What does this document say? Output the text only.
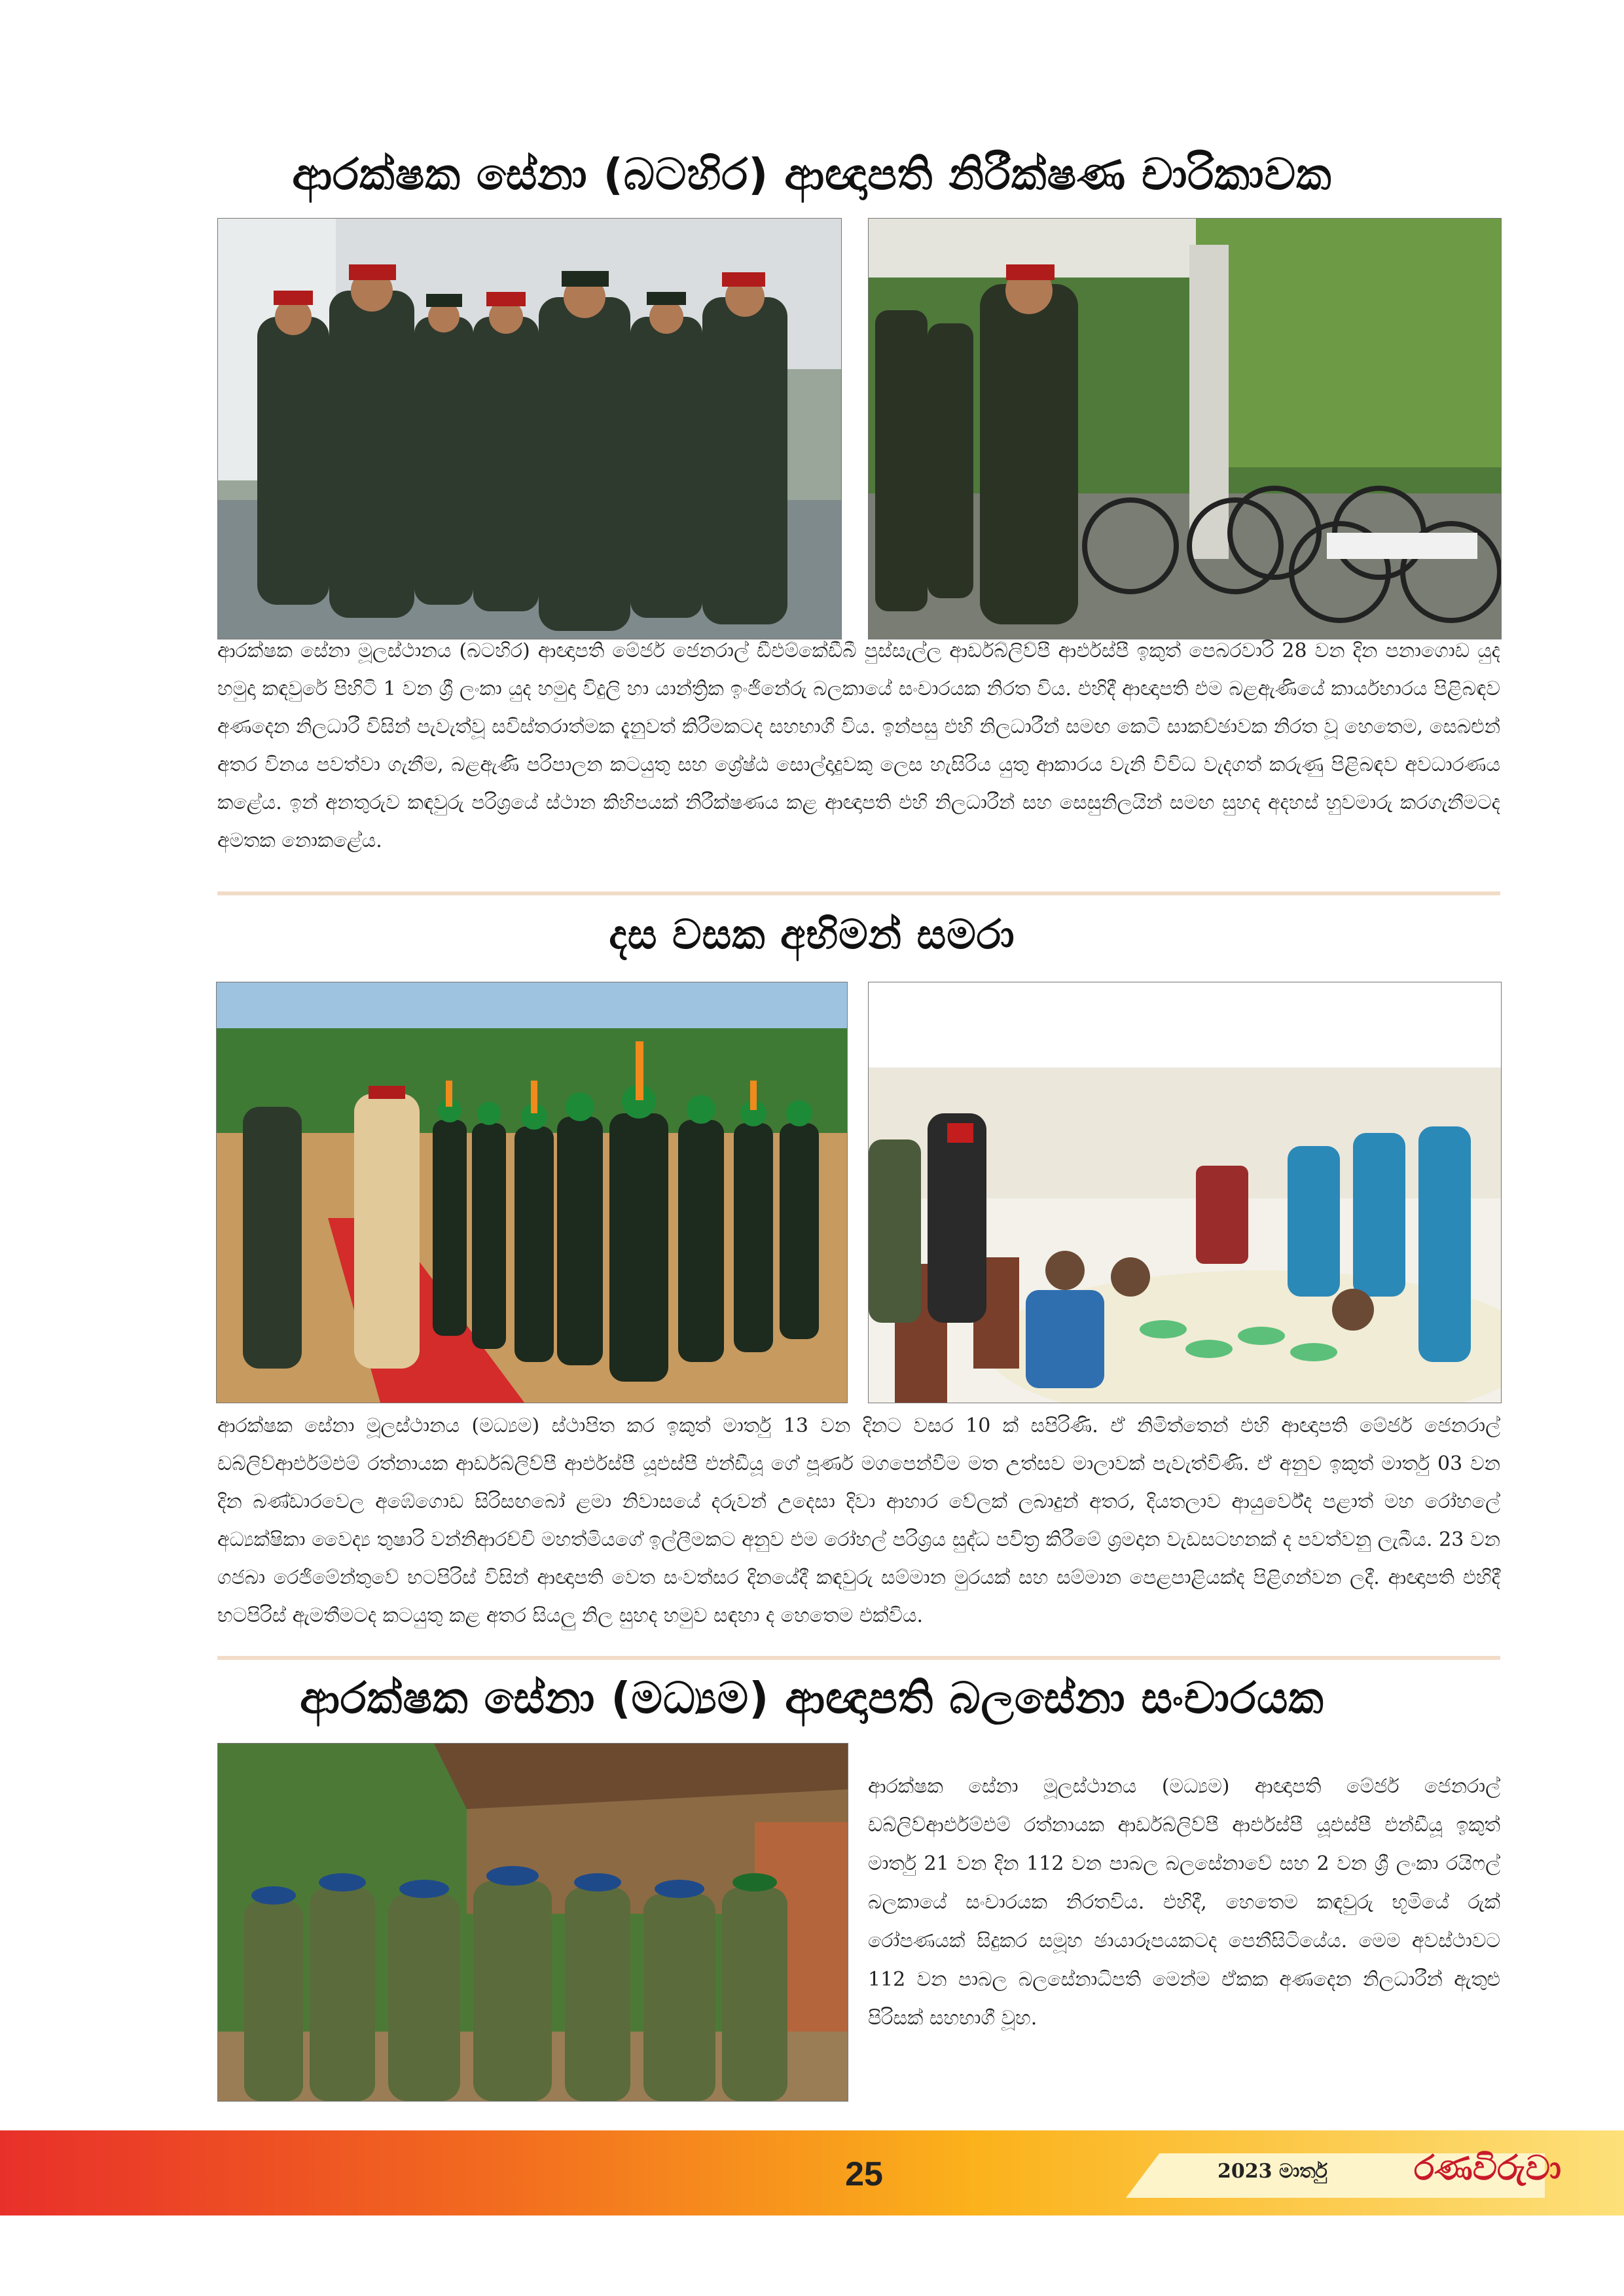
ආරක්ෂක සේනා (බටහිර) ආඥාපති නිරීක්ෂණ චාරිකාවක
ආරක්ෂක සේනා මූලස්ථානය (බටහිර) ආඥාපති මේජර් ජෙනරාල් ඩීඑම්කේඩීබී පුස්සැල්ල ආර්ඩබ්ලිව්පී ආර්එස්පී ඉකුත් පෙබරවාරි 28 වන දින පනාගොඩ යුද හමුදා කඳවුරේ පිහිටි 1 වන ශ්‍රී ලංකා යුද හමුදා විදුලි හා යාන්ත්‍රික ඉංජිනේරු බලකායේ සංචාරයක නිරත විය. එහිදී ආඥාපති එම බළඇණියේ කාර්යභාරය පිළිබඳව අණදෙන නිලධාරී විසින් පැවැත්වූ සවිස්තරාත්මක දැනුවත් කිරීමකටද සහභාගී විය. ඉන්පසු එහි නිලධාරීන් සමඟ කෙටි සාකච්ඡාවක නිරත වූ හෙතෙම, සෙබළුන් අතර විනය පවත්වා ගැනීම, බළඇණි පරිපාලන කටයුතු සහ ශ්‍රේෂ්ඨ සොල්දාදුවකු ලෙස හැසිරිය යුතු ආකාරය වැනි විවිධ වැදගත් කරුණු පිළිබඳව අවධාරණය කළේය. ඉන් අනතුරුව කඳවුරු පරිශ්‍රයේ ස්ථාන කිහිපයක් නිරීක්ෂණය කළ ආඥාපති එහි නිලධාරීන් සහ සෙසුනිලයින් සමඟ සුහද අදහස් හුවමාරු කරගැනීමටද අමතක නොකළේය.
දස වසක අභිමන් සමරා
ආරක්ෂක සේනා මූලස්ථානය (මධ්‍යම) ස්ථාපිත කර ඉකුත් මාර්තු 13 වන දිනට වසර 10 ක් සපිරිණි. ඒ නිමිත්තෙන් එහි ආඥාපති මේජර් ජෙනරාල් ඩබ්ලිව්ආර්එම්එම් රත්නායක ආර්ඩබ්ලිව්පී ආර්එස්පී යූඑස්පී එන්ඩීයූ ගේ පූර්ණ මගපෙන්වීම මත උත්සව මාලාවක් පැවැත්විණි. ඒ අනුව ඉකුත් මාර්තු 03 වන දින බණ්ඩාරවෙල අඹේගොඩ සිරිසඟබෝ ළමා නිවාසයේ දරුවන් උදෙසා දිවා ආහාර වේලක් ලබාදුන් අතර, දියතලාව ආයුර්වේද පළාත් මහ රෝහලේ අධ්‍යක්ෂිකා වෛද්‍ය තුෂාරි වන්නිආරච්චි මහත්මියගේ ඉල්ලීමකට අනුව එම රෝහල් පරිශ්‍රය සුද්ධ පවිත්‍ර කිරීමේ ශ්‍රමදාන වැඩසටහනක් ද පවත්වනු ලැබීය. 23 වන ගජබා රෙජිමේන්තුවේ භටපිරිස් විසින් ආඥාපති වෙත සංවත්සර දිනයේදී කඳවුරු සම්මාන මුරයක් සහ සම්මාන පෙළපාළියක්ද පිළිගන්වන ලදී. ආඥාපති එහිදී භටපිරිස් ඇමතීමටද කටයුතු කළ අතර සියලු නිල සුහද හමුව සඳහා ද හෙතෙම එක්විය.
ආරක්ෂක සේනා (මධ්‍යම) ආඥාපති බලසේනා සංචාරයක
ආරක්ෂක සේනා මූලස්ථානය (මධ්‍යම) ආඥාපති මේජර් ජෙනරාල් ඩබ්ලිව්ආර්එම්එම් රත්නායක ආර්ඩබ්ලිව්පී ආර්එස්පී යූඑස්පී එන්ඩීයූ ඉකුත් මාර්තු 21 වන දින 112 වන පාබල බලසේනාවේ සහ 2 වන ශ්‍රී ලංකා රයිෆල් බලකායේ සංචාරයක නිරතවිය. එහිදී, හෙතෙම කඳවුරු භූමියේ රුක් රෝපණයක් සිදුකර සමූහ ඡායාරූපයකටද පෙනීසිටියේය. මෙම අවස්ථාවට 112 වන පාබල බලසේනාධිපති මෙන්ම ඒකක අණදෙන නිලධාරීන් ඇතුළු පිරිසක් සහභාගී වූහ.
25	2023 මාර්තු	රණවිරුවා
